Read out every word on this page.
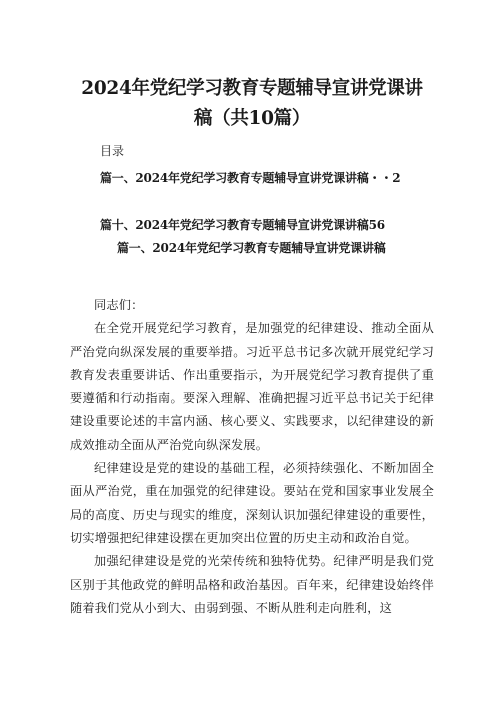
2024年党纪学习教育专题辅导宣讲党课讲
稿（共10篇）
目录
篇一、2024年党纪学习教育专题辅导宣讲党课讲稿・・2
篇十、2024年党纪学习教育专题辅导宣讲党课讲稿56
篇一、2024年党纪学习教育专题辅导宣讲党课讲稿

同志们：

在全党开展党纪学习教育，是加强党的纪律建设、推动全面从严治党向纵深发展的重要举措。习近平总书记多次就开展党纪学习教育发表重要讲话、作出重要指示，为开展党纪学习教育提供了重要遵循和行动指南。要深入理解、准确把握习近平总书记关于纪律建设重要论述的丰富内涵、核心要义、实践要求，以纪律建设的新成效推动全面从严治党向纵深发展。

纪律建设是党的建设的基础工程，必须持续强化、不断加固全面从严治党，重在加强党的纪律建设。要站在党和国家事业发展全局的高度、历史与现实的维度，深刻认识加强纪律建设的重要性，切实增强把纪律建设摆在更加突出位置的历史主动和政治自觉。

加强纪律建设是党的光荣传统和独特优势。纪律严明是我们党区别于其他政党的鲜明品格和政治基因。百年来，纪律建设始终伴随着我们党从小到大、由弱到强、不断从胜利走向胜利，这
